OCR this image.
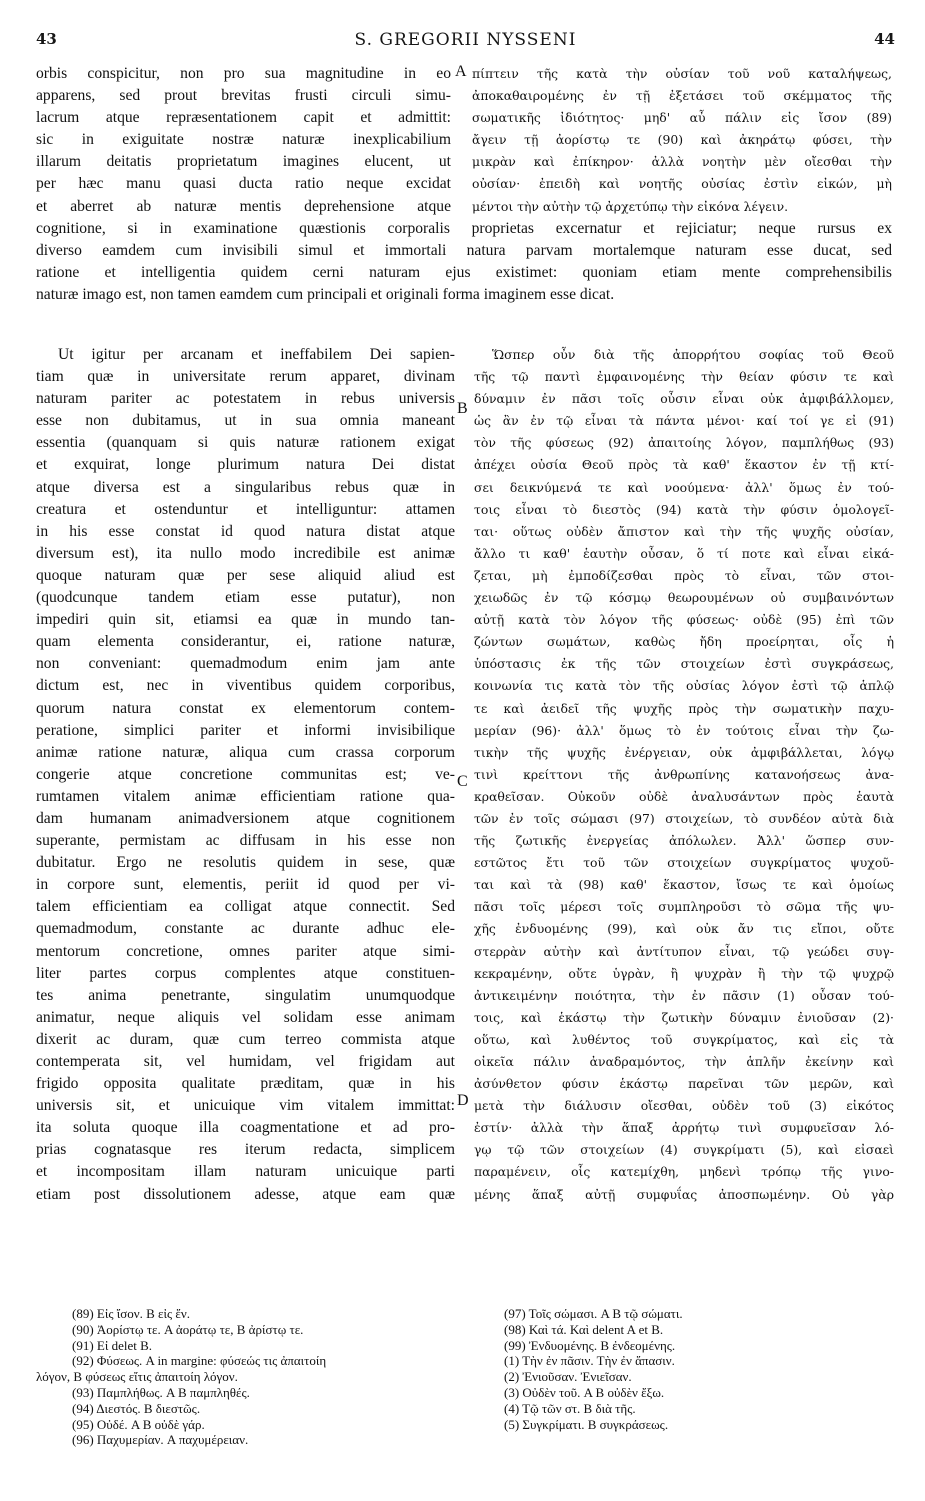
43	S. GREGORII NYSSENI	44
orbis conspicitur, non pro sua magnitudine in eo
apparens, sed prout brevitas frusti circuli simu-
lacrum atque repræsentationem capit et admittit:
sic in exiguitate nostræ naturæ inexplicabilium
illarum deitatis proprietatum imagines elucent, ut
per hæc manu quasi ducta ratio neque excidat
et aberret ab naturæ mentis deprehensione atque
A πίπτειν τῆς κατὰ τὴν οὐσίαν τοῦ νοῦ καταλήψεως,
ἀποκαθαιρομένης ἐν τῇ ἐξετάσει τοῦ σκέμματος τῆς
σωματικῆς ἰδιότητος· μηδ' αὖ πάλιν εἰς ἴσον (89)
ἄγειν τῇ ἀορίστῳ τε (90) καὶ ἀκηράτῳ φύσει, τὴν
μικρὰν καὶ ἐπίκηρον· ἀλλὰ νοητὴν μὲν οἴεσθαι τὴν
οὐσίαν· ἐπειδὴ καὶ νοητῆς οὐσίας ἐστὶν εἰκών, μὴ
μέντοι τὴν αὐτὴν τῷ ἀρχετύπῳ τὴν εἰκόνα λέγειν.
cognitione, si in examinatione quæstionis corporalis proprietas excernatur et rejiciatur; neque rursus ex
diverso eamdem cum invisibili simul et immortali natura parvam mortalemque naturam esse ducat, sed
ratione et intelligentia quidem cerni naturam ejus existimet: quoniam etiam mente comprehensibilis
naturæ imago est, non tamen eamdem cum principali et originali forma imaginem esse dicat.
Ut igitur per arcanam et ineffabilem Dei sapien-
tiam quæ in universitate rerum apparet, divinam
naturam pariter ac potestatem in rebus universis
esse non dubitamus, ut in sua omnia maneant
essentia (quanquam si quis naturæ rationem exigat
et exquirat, longe plurimum natura Dei distat
atque diversa est a singularibus rebus quæ in
creatura et ostenduntur et intelliguntur: attamen
in his esse constat id quod natura distat atque
diversum est), ita nullo modo incredibile est animæ
quoque naturam quæ per sese aliquid aliud est
(quodcunque tandem etiam esse putatur), non
impediri quin sit, etiamsi ea quæ in mundo tan-
quam elementa considerantur, ei, ratione naturæ,
non conveniant: quemadmodum enim jam ante
dictum est, nec in viventibus quidem corporibus,
quorum natura constat ex elementorum contem-
peratione, simplici pariter et informi invisibilique
animæ ratione naturæ, aliqua cum crassa corporum
congerie atque concretione communitas est; ve-
rumtamen vitalem animæ efficientiam ratione qua-
dam humanam animadversionem atque cognitionem
superante, permistam ac diffusam in his esse non
dubitatur. Ergo ne resolutis quidem in sese, quæ
in corpore sunt, elementis, periit id quod per vi-
talem efficientiam ea colligat atque connectit. Sed
quemadmodum, constante ac durante adhuc ele-
mentorum concretione, omnes pariter atque simi-
liter partes corpus complentes atque constituen-
tes anima penetrante, singulatim unumquodque
animatur, neque aliquis vel solidam esse animam
dixerit ac duram, quæ cum terreo commista atque
contemperata sit, vel humidam, vel frigidam aut
frigido opposita qualitate præditam, quæ in his
universis sit, et unicuique vim vitalem immittat:
ita soluta quoque illa coagmentatione et ad pro-
prias cognatasque res iterum redacta, simplicem
et incompositam illam naturam unicuique parti
etiam post dissolutionem adesse, atque eam quæ
B
C
D
Ὥσπερ οὖν διὰ τῆς ἀπορρήτου σοφίας τοῦ Θεοῦ
τῆς τῷ παντὶ ἐμφαινομένης τὴν θείαν φύσιν τε καὶ
δύναμιν ἐν πᾶσι τοῖς οὖσιν εἶναι οὐκ ἀμφιβάλλομεν,
ὡς ἂν ἐν τῷ εἶναι τὰ πάντα μένοι· καί τοί γε εἰ (91)
τὸν τῆς φύσεως (92) ἀπαιτοίης λόγον, παμπλήθως (93)
ἀπέχει οὐσία Θεοῦ πρὸς τὰ καθ' ἕκαστον ἐν τῇ κτί-
σει δεικνύμενά τε καὶ νοούμενα· ἀλλ' ὅμως ἐν τού-
τοις εἶναι τὸ διεστὸς (94) κατὰ τὴν φύσιν ὁμολογεῖ-
ται· οὕτως οὐδὲν ἄπιστον καὶ τὴν τῆς ψυχῆς οὐσίαν,
ἄλλο τι καθ' ἑαυτὴν οὖσαν, ὅ τί ποτε καὶ εἶναι εἰκά-
ζεται, μὴ ἐμποδίζεσθαι πρὸς τὸ εἶναι, τῶν στοι-
χειωδῶς ἐν τῷ κόσμῳ θεωρουμένων οὐ συμβαινόντων
αὐτῇ κατὰ τὸν λόγον τῆς φύσεως· οὐδὲ (95) ἐπὶ τῶν
ζώντων σωμάτων, καθὼς ἤδη προείρηται, οἷς ἡ
ὑπόστασις ἐκ τῆς τῶν στοιχείων ἐστὶ συγκράσεως,
κοινωνία τις κατὰ τὸν τῆς οὐσίας λόγον ἐστὶ τῷ ἁπλῷ
τε καὶ ἀειδεῖ τῆς ψυχῆς πρὸς τὴν σωματικὴν παχυ-
μερίαν (96)· ἀλλ' ὅμως τὸ ἐν τούτοις εἶναι τὴν ζω-
τικὴν τῆς ψυχῆς ἐνέργειαν, οὐκ ἀμφιβάλλεται, λόγῳ
τινὶ κρείττονι τῆς ἀνθρωπίνης κατανοήσεως ἀνα-
κραθεῖσαν. Οὐκοῦν οὐδὲ ἀναλυσάντων πρὸς ἑαυτὰ
τῶν ἐν τοῖς σώμασι (97) στοιχείων, τὸ συνδέον αὐτὰ διὰ
τῆς ζωτικῆς ἐνεργείας ἀπόλωλεν. Ἀλλ' ὥσπερ συν-
εστῶτος ἔτι τοῦ τῶν στοιχείων συγκρίματος ψυχοῦ-
ται καὶ τὰ (98) καθ' ἕκαστον, ἴσως τε καὶ ὁμοίως
πᾶσι τοῖς μέρεσι τοῖς συμπληροῦσι τὸ σῶμα τῆς ψυ-
χῆς ἐνδυομένης (99), καὶ οὐκ ἄν τις εἴποι, οὔτε
στερρὰν αὐτὴν καὶ ἀντίτυπον εἶναι, τῷ γεώδει συγ-
κεκραμένην, οὔτε ὑγρὰν, ἢ ψυχρὰν ἢ τὴν τῷ ψυχρῷ
ἀντικειμένην ποιότητα, τὴν ἐν πᾶσιν (1) οὖσαν τού-
τοις, καὶ ἑκάστῳ τὴν ζωτικὴν δύναμιν ἐνιοῦσαν (2)·
οὕτω, καὶ λυθέντος τοῦ συγκρίματος, καὶ εἰς τὰ
οἰκεῖα πάλιν ἀναδραμόντος, τὴν ἁπλῆν ἐκείνην καὶ
ἀσύνθετον φύσιν ἑκάστῳ παρεῖναι τῶν μερῶν, καὶ
μετὰ τὴν διάλυσιν οἴεσθαι, οὐδὲν τοῦ (3) εἰκότος
ἐστίν· ἀλλὰ τὴν ἅπαξ ἀρρήτῳ τινὶ συμφυεῖσαν λό-
γῳ τῷ τῶν στοιχείων (4) συγκρίματι (5), καὶ εἰσαεὶ
παραμένειν, οἷς κατεμίχθη, μηδενὶ τρόπῳ τῆς γινο-
μένης ἅπαξ αὐτῇ συμφυΐας ἀποσπωμένην. Οὐ γὰρ
(89) Εἰς ἴσον. B εἰς ἕν.
(90) Ἀορίστῳ τε. A ἀοράτῳ τε, B ἀρίστῳ τε.
(91) Εἰ delet B.
(92) Φύσεως. A in margine: φύσεώς τις ἀπαιτοίη
λόγον, B φύσεως εἴτις ἀπαιτοίη λόγον.
(93) Παμπλήθως. A B παμπληθές.
(94) Διεστός. B διεστῶς.
(95) Οὐδέ. A B οὐδὲ γάρ.
(96) Παχυμερίαν. A παχυμέρειαν.
(97) Τοῖς σώμασι. A B τῷ σώματι.
(98) Καὶ τά. Καὶ delent A et B.
(99) Ἐνδυομένης. B ἐνδεομένης.
(1) Τὴν ἐν πᾶσιν. Τὴν ἐν ἅπασιν.
(2) Ἐνιοῦσαν. Ἐνιεῖσαν.
(3) Οὐδὲν τοῦ. A B οὐδὲν ἔξω.
(4) Τῷ τῶν στ. B διὰ τῆς.
(5) Συγκρίματι. B συγκράσεως.
